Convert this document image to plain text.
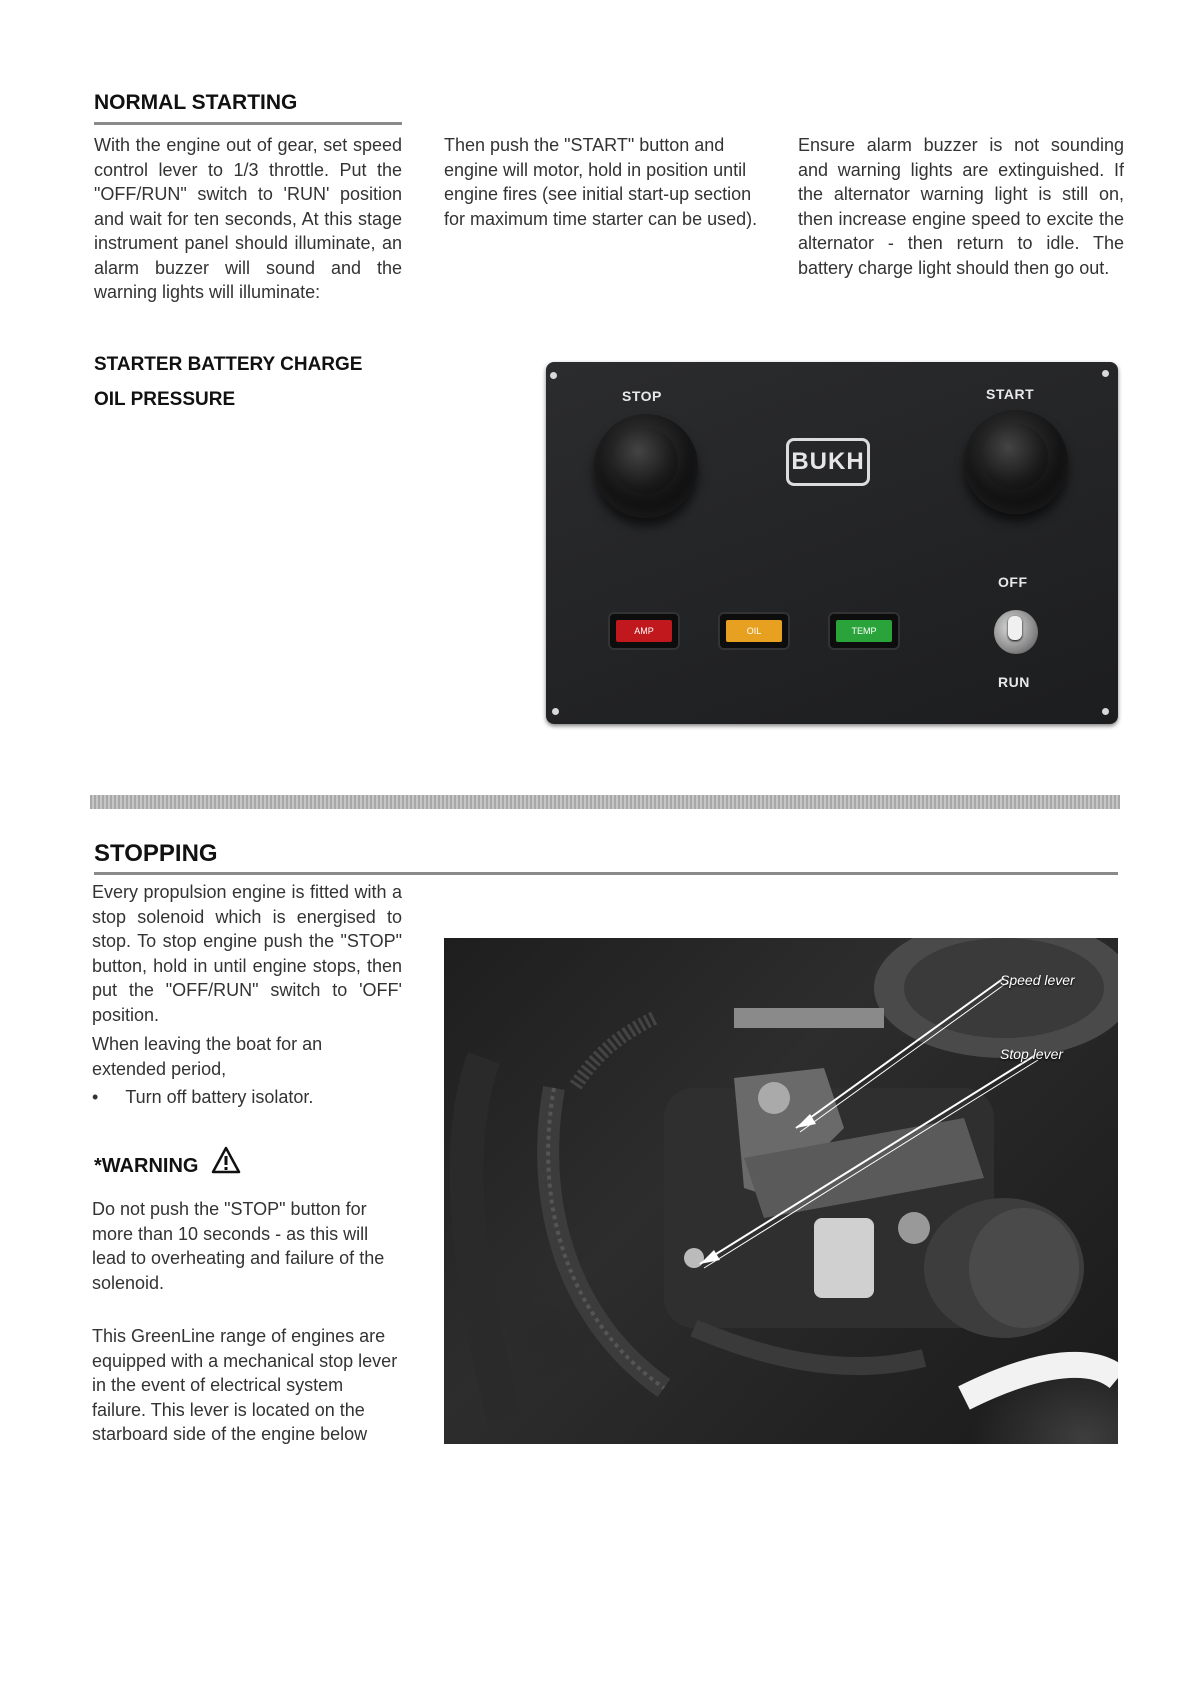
NORMAL STARTING
With the engine out of gear, set speed control lever to 1/3 throttle. Put the "OFF/RUN" switch to 'RUN' position and wait for ten seconds, At this stage instrument panel should illuminate, an alarm buzzer will sound and the warning lights will illuminate:
Then push the "START" button and engine will motor, hold in position until engine fires (see initial start-up section for maximum time starter can be used).
Ensure alarm buzzer is not sounding and warning lights are extinguished. If the alternator warning light is still on, then increase engine speed to excite the alternator - then return to idle. The battery charge light should then go out.
STARTER BATTERY CHARGE
OIL PRESSURE	STOP	START
BUKH
OFF
RUN
AMP	OIL	TEMP
STOPPING
Every propulsion engine is fitted with a stop solenoid which is energised to stop. To stop engine push the "STOP" button, hold in until engine stops, then put the "OFF/RUN" switch to 'OFF' position.
When leaving the boat for an extended period,
• Turn off battery isolator.
*WARNING
Do not push the "STOP" button for more than 10 seconds - as this will lead to overheating and failure of the solenoid.
This GreenLine range of engines are equipped with a mechanical stop lever in the event of electrical system failure. This lever is located on the starboard side of the engine below
Speed lever
Stop lever
